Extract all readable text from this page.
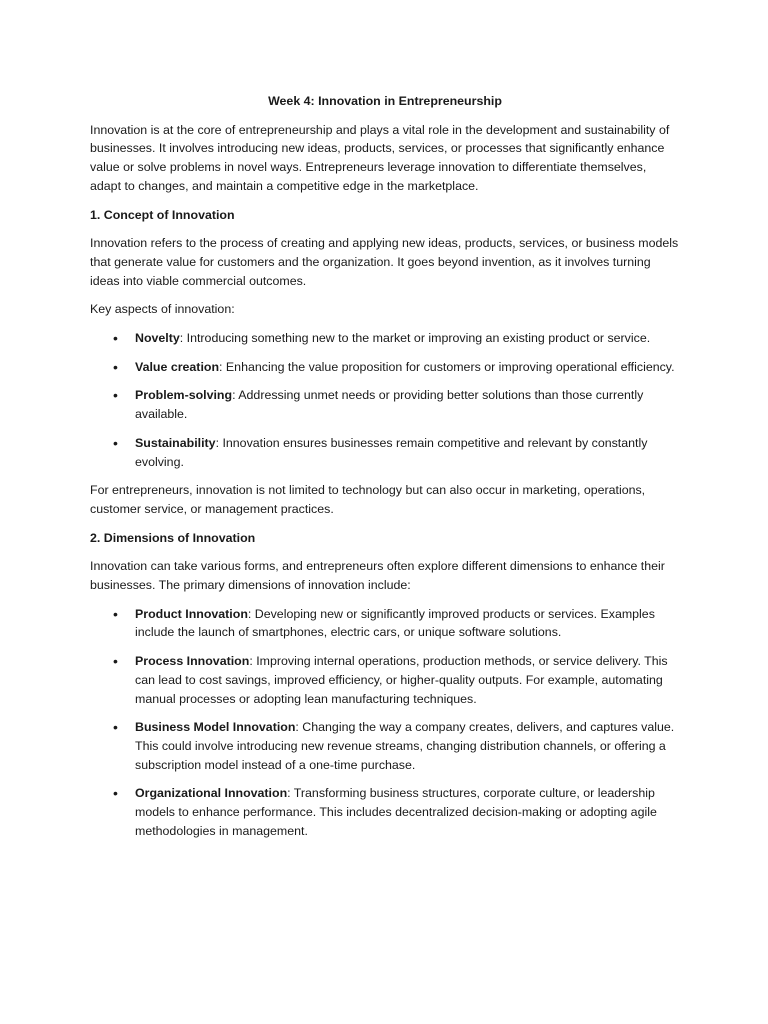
Week 4: Innovation in Entrepreneurship

Innovation is at the core of entrepreneurship and plays a vital role in the development and sustainability of businesses. It involves introducing new ideas, products, services, or processes that significantly enhance value or solve problems in novel ways. Entrepreneurs leverage innovation to differentiate themselves, adapt to changes, and maintain a competitive edge in the marketplace.

1. Concept of Innovation

Innovation refers to the process of creating and applying new ideas, products, services, or business models that generate value for customers and the organization. It goes beyond invention, as it involves turning ideas into viable commercial outcomes.

Key aspects of innovation:

• Novelty: Introducing something new to the market or improving an existing product or service.
• Value creation: Enhancing the value proposition for customers or improving operational efficiency.
• Problem-solving: Addressing unmet needs or providing better solutions than those currently available.
• Sustainability: Innovation ensures businesses remain competitive and relevant by constantly evolving.

For entrepreneurs, innovation is not limited to technology but can also occur in marketing, operations, customer service, or management practices.

2. Dimensions of Innovation

Innovation can take various forms, and entrepreneurs often explore different dimensions to enhance their businesses. The primary dimensions of innovation include:

• Product Innovation: Developing new or significantly improved products or services. Examples include the launch of smartphones, electric cars, or unique software solutions.
• Process Innovation: Improving internal operations, production methods, or service delivery. This can lead to cost savings, improved efficiency, or higher-quality outputs. For example, automating manual processes or adopting lean manufacturing techniques.
• Business Model Innovation: Changing the way a company creates, delivers, and captures value. This could involve introducing new revenue streams, changing distribution channels, or offering a subscription model instead of a one-time purchase.
• Organizational Innovation: Transforming business structures, corporate culture, or leadership models to enhance performance. This includes decentralized decision-making or adopting agile methodologies in management.
